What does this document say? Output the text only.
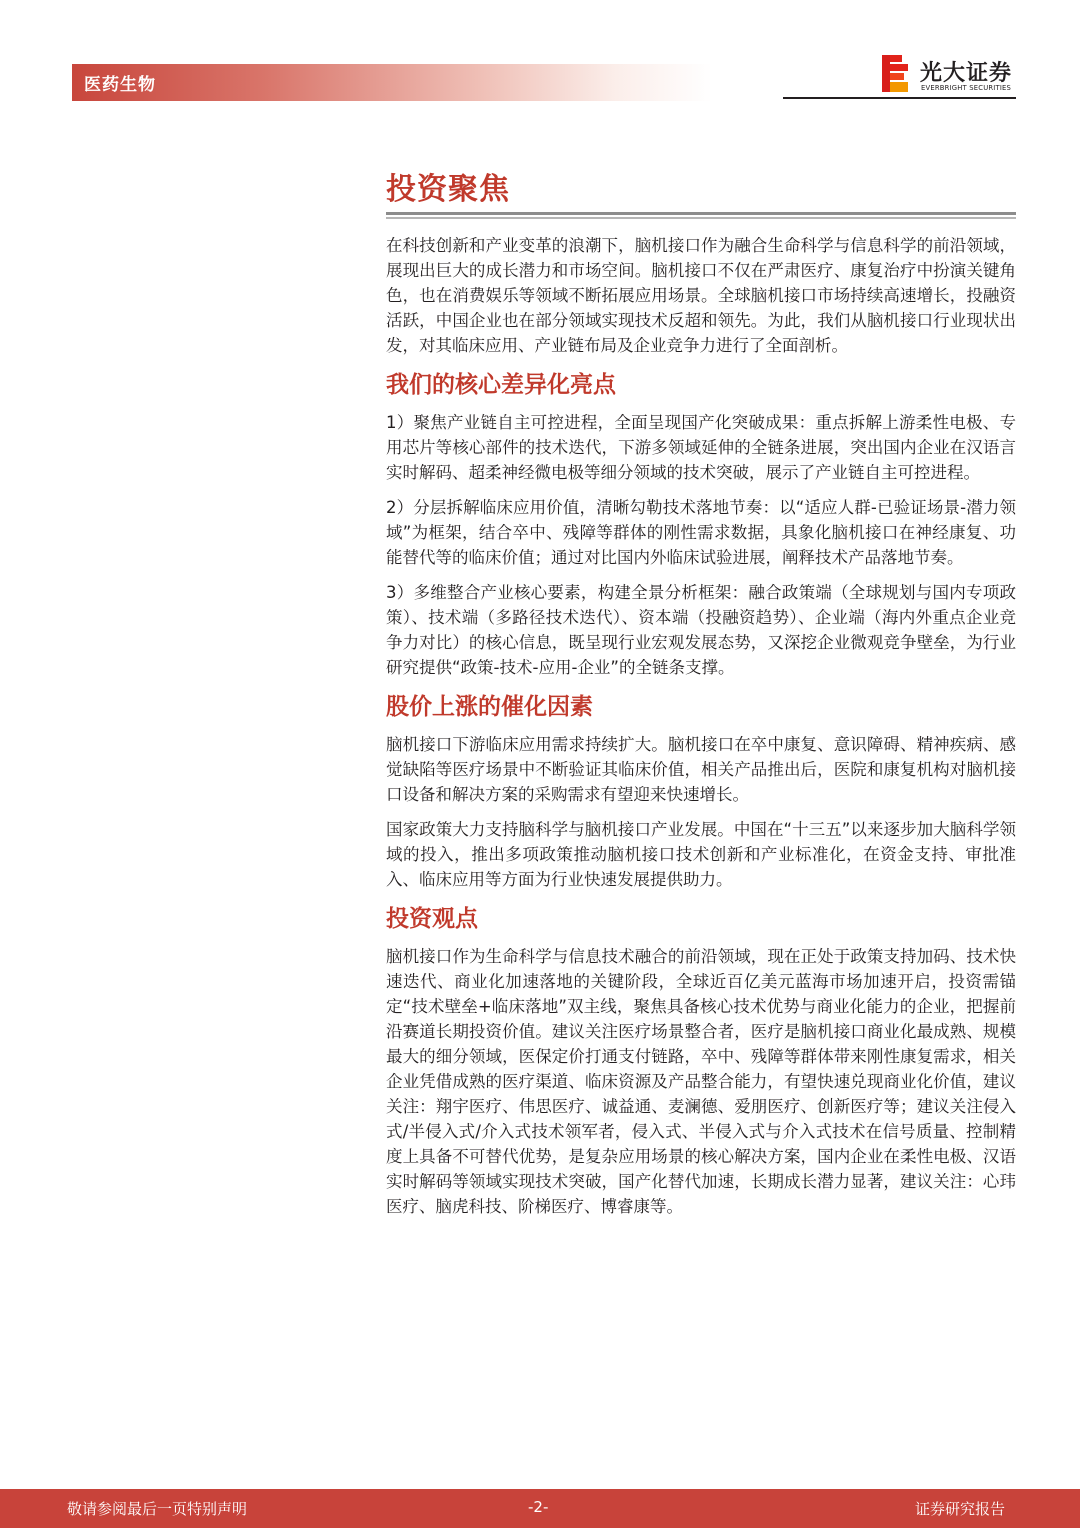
医药生物	光大证券
EVERBRIGHT SECURITIES
投资聚焦

在科技创新和产业变革的浪潮下，脑机接口作为融合生命科学与信息科学的前沿领域，展现出巨大的成长潜力和市场空间。脑机接口不仅在严肃医疗、康复治疗中扮演关键角色，也在消费娱乐等领域不断拓展应用场景。全球脑机接口市场持续高速增长，投融资活跃，中国企业也在部分领域实现技术反超和领先。为此，我们从脑机接口行业现状出发，对其临床应用、产业链布局及企业竞争力进行了全面剖析。

我们的核心差异化亮点

1）聚焦产业链自主可控进程，全面呈现国产化突破成果：重点拆解上游柔性电极、专用芯片等核心部件的技术迭代，下游多领域延伸的全链条进展，突出国内企业在汉语言实时解码、超柔神经微电极等细分领域的技术突破，展示了产业链自主可控进程。

2）分层拆解临床应用价值，清晰勾勒技术落地节奏：以“适应人群-已验证场景-潜力领域”为框架，结合卒中、残障等群体的刚性需求数据，具象化脑机接口在神经康复、功能替代等的临床价值；通过对比国内外临床试验进展，阐释技术产品落地节奏。

3）多维整合产业核心要素，构建全景分析框架：融合政策端（全球规划与国内专项政策）、技术端（多路径技术迭代）、资本端（投融资趋势）、企业端（海内外重点企业竞争力对比）的核心信息，既呈现行业宏观发展态势，又深挖企业微观竞争壁垒，为行业研究提供“政策-技术-应用-企业”的全链条支撑。

股价上涨的催化因素

脑机接口下游临床应用需求持续扩大。脑机接口在卒中康复、意识障碍、精神疾病、感觉缺陷等医疗场景中不断验证其临床价值，相关产品推出后，医院和康复机构对脑机接口设备和解决方案的采购需求有望迎来快速增长。

国家政策大力支持脑科学与脑机接口产业发展。中国在“十三五”以来逐步加大脑科学领域的投入，推出多项政策推动脑机接口技术创新和产业标准化，在资金支持、审批准入、临床应用等方面为行业快速发展提供助力。

投资观点

脑机接口作为生命科学与信息技术融合的前沿领域，现在正处于政策支持加码、技术快速迭代、商业化加速落地的关键阶段，全球近百亿美元蓝海市场加速开启，投资需锚定“技术壁垒+临床落地”双主线，聚焦具备核心技术优势与商业化能力的企业，把握前沿赛道长期投资价值。建议关注医疗场景整合者，医疗是脑机接口商业化最成熟、规模最大的细分领域，医保定价打通支付链路，卒中、残障等群体带来刚性康复需求，相关企业凭借成熟的医疗渠道、临床资源及产品整合能力，有望快速兑现商业化价值，建议关注：翔宇医疗、伟思医疗、诚益通、麦澜德、爱朋医疗、创新医疗等；建议关注侵入式/半侵入式/介入式技术领军者，侵入式、半侵入式与介入式技术在信号质量、控制精度上具备不可替代优势，是复杂应用场景的核心解决方案，国内企业在柔性电极、汉语实时解码等领域实现技术突破，国产化替代加速，长期成长潜力显著，建议关注：心玮医疗、脑虎科技、阶梯医疗、博睿康等。

敬请参阅最后一页特别声明	-2-	证券研究报告
